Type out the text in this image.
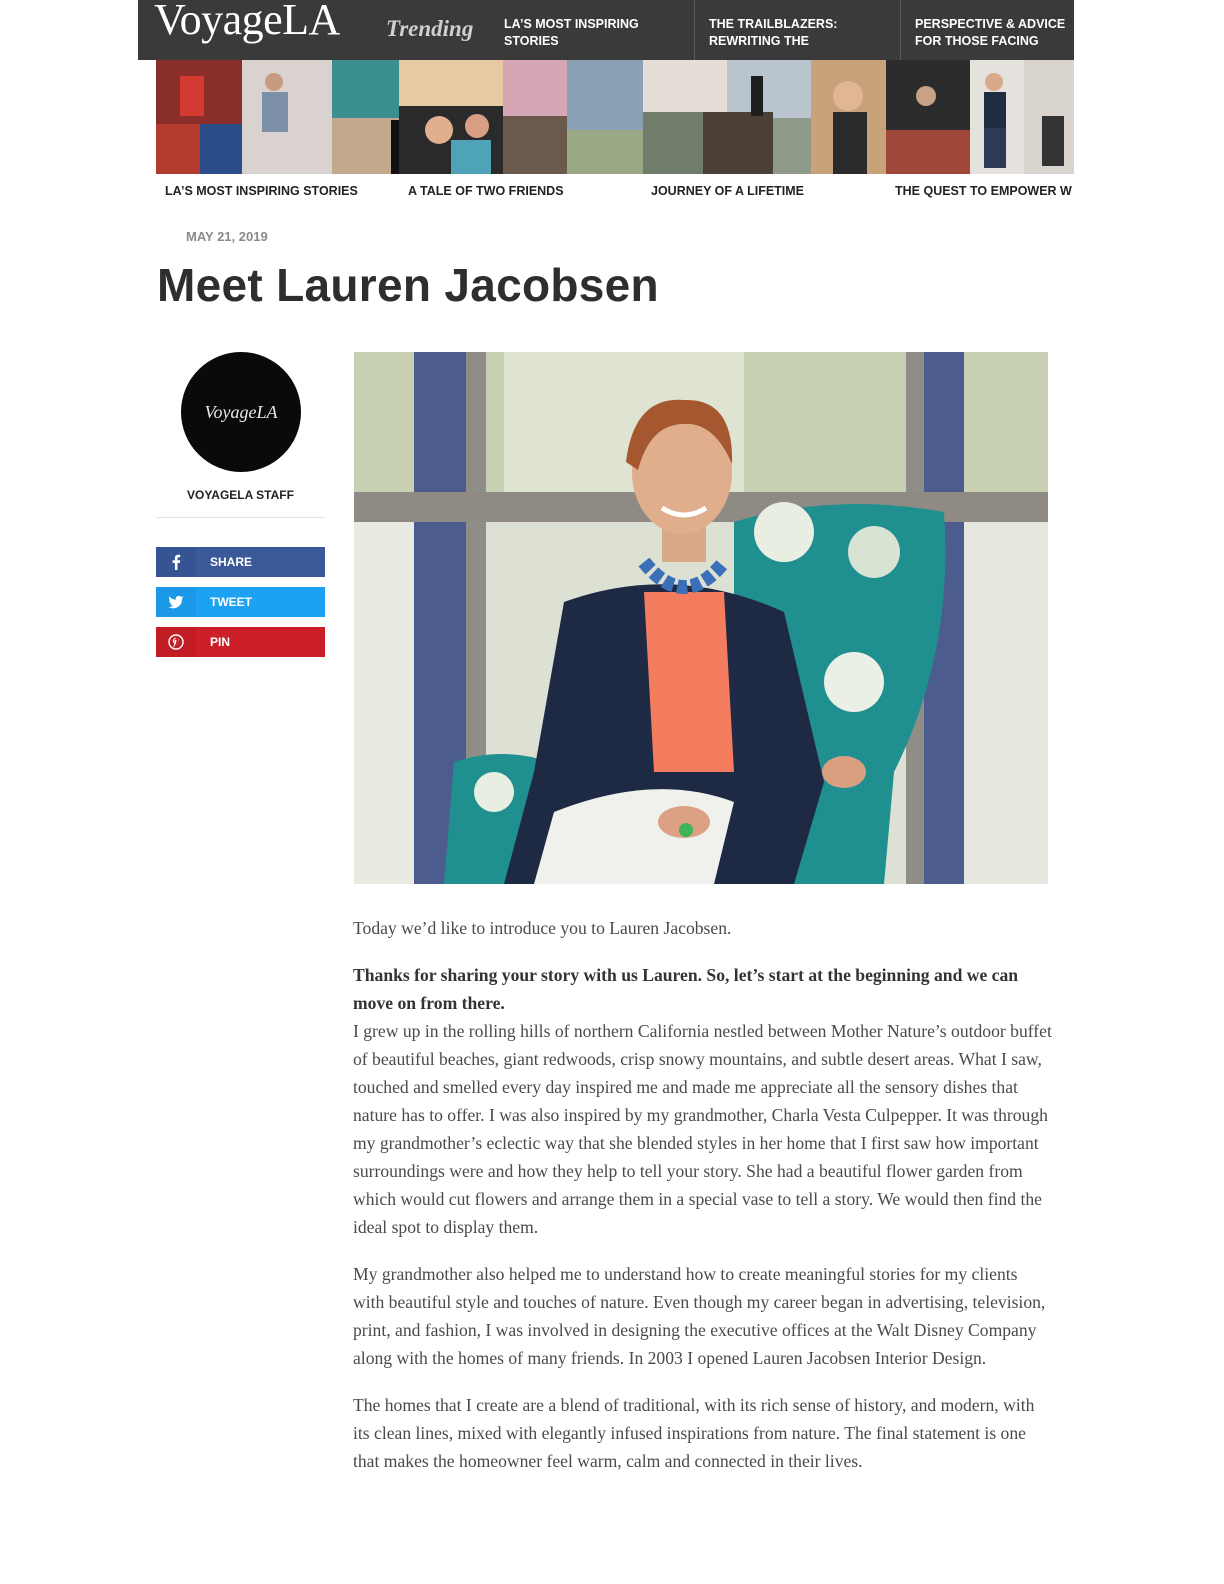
VoyageLA Trending	LA’S MOST INSPIRING STORIES
THE TRAILBLAZERS: REWRITING THE
PERSPECTIVE & ADVICE FOR THOSE FACING
LA’S MOST INSPIRING STORIES	A TALE OF TWO FRIENDS	JOURNEY OF A LIFETIME	THE QUEST TO EMPOWER W
MAY 21, 2019
Meet Lauren Jacobsen
VoyageLA
VOYAGELA STAFF
SHARE
TWEET
PIN

Today we’d like to introduce you to Lauren Jacobsen.

Thanks for sharing your story with us Lauren. So, let’s start at the beginning and we can move on from there.

I grew up in the rolling hills of northern California nestled between Mother Nature’s outdoor buffet of beautiful beaches, giant redwoods, crisp snowy mountains, and subtle desert areas. What I saw, touched and smelled every day inspired me and made me appreciate all the sensory dishes that nature has to offer. I was also inspired by my grandmother, Charla Vesta Culpepper. It was through my grandmother’s eclectic way that she blended styles in her home that I first saw how important surroundings were and how they help to tell your story. She had a beautiful flower garden from which would cut flowers and arrange them in a special vase to tell a story. We would then find the ideal spot to display them.

My grandmother also helped me to understand how to create meaningful stories for my clients with beautiful style and touches of nature. Even though my career began in advertising, television, print, and fashion, I was involved in designing the executive offices at the Walt Disney Company along with the homes of many friends. In 2003 I opened Lauren Jacobsen Interior Design.

The homes that I create are a blend of traditional, with its rich sense of history, and modern, with its clean lines, mixed with elegantly infused inspirations from nature. The final statement is one that makes the homeowner feel warm, calm and connected in their lives.
